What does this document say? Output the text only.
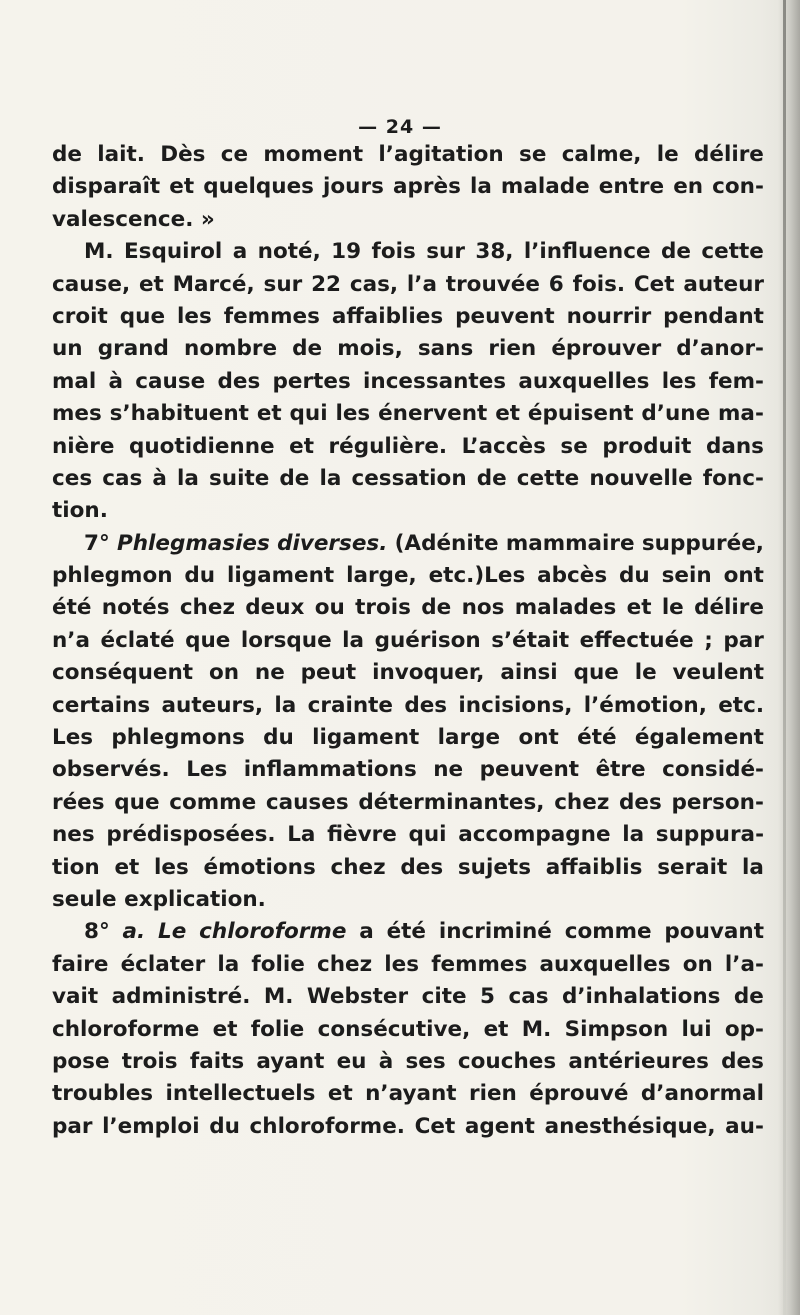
— 24 —
de lait. Dès ce moment l’agitation se calme, le délire
disparaît et quelques jours après la malade entre en con-
valescence. »
M. Esquirol a noté, 19 fois sur 38, l’influence de cette
cause, et Marcé, sur 22 cas, l’a trouvée 6 fois. Cet auteur
croit que les femmes affaiblies peuvent nourrir pendant
un grand nombre de mois, sans rien éprouver d’anor-
mal à cause des pertes incessantes auxquelles les fem-
mes s’habituent et qui les énervent et épuisent d’une ma-
nière quotidienne et régulière. L’accès se produit dans
ces cas à la suite de la cessation de cette nouvelle fonc-
tion.
7° Phlegmasies diverses. (Adénite mammaire suppurée,
phlegmon du ligament large, etc.)Les abcès du sein ont
été notés chez deux ou trois de nos malades et le délire
n’a éclaté que lorsque la guérison s’était effectuée ; par
conséquent on ne peut invoquer, ainsi que le veulent
certains auteurs, la crainte des incisions, l’émotion, etc.
Les phlegmons du ligament large ont été également
observés. Les inflammations ne peuvent être considé-
rées que comme causes déterminantes, chez des person-
nes prédisposées. La fièvre qui accompagne la suppura-
tion et les émotions chez des sujets affaiblis serait la
seule explication.
8° a. Le chloroforme a été incriminé comme pouvant
faire éclater la folie chez les femmes auxquelles on l’a-
vait administré. M. Webster cite 5 cas d’inhalations de
chloroforme et folie consécutive, et M. Simpson lui op-
pose trois faits ayant eu à ses couches antérieures des
troubles intellectuels et n’ayant rien éprouvé d’anormal
par l’emploi du chloroforme. Cet agent anesthésique, au-
